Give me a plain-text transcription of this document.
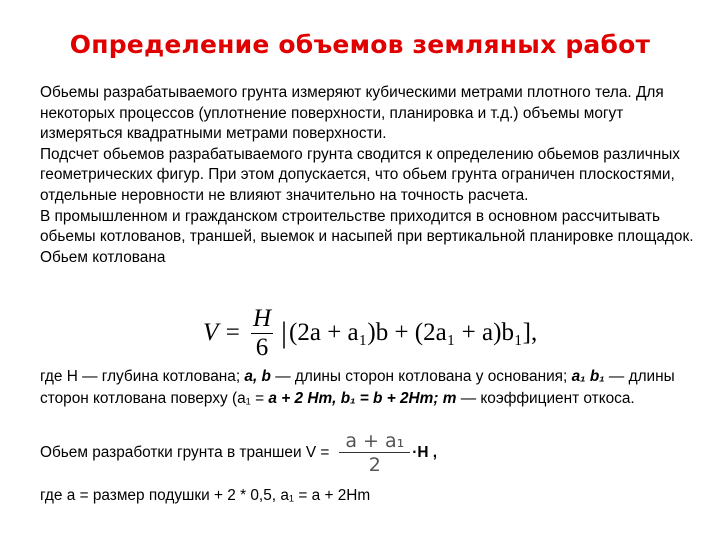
Определение объемов земляных работ

Обьемы разрабатываемого грунта измеряют кубическими метрами плотного тела. Для некоторых процессов (уплотнение поверхности, планировка и т.д.) объемы могут измеряться квадратными метрами поверхности.

Подсчет обьемов разрабатываемого грунта сводится к определению обьемов различных геометрических фигур. При этом допускается, что обьем грунта ограничен плоскостями, отдельные неровности не влияют значительно на точность расчета.

В промышленном и гражданском строительстве приходится в основном рассчитывать обьемы котлованов, траншей, выемок и насыпей при вертикальной планировке площадок.

Обьем котлована

$V = \frac{H}{6}$ | (2a + a₁)b + (2a₁ + a)b₁],
где H — глубина котлована; a, b — длины сторон котлована у основания; a₁ b₁ — длины сторон котлована поверху (a₁ = a + 2 Hm, b₁ = b + 2Hm; m — коэффициент откоса.
Обьем разработки грунта в траншеи $V = \frac{\text{a + a₁}}{2} \cdot H$ ,
где a = размер подушки + 2 * 0,5, a₁ = a + 2Hm
